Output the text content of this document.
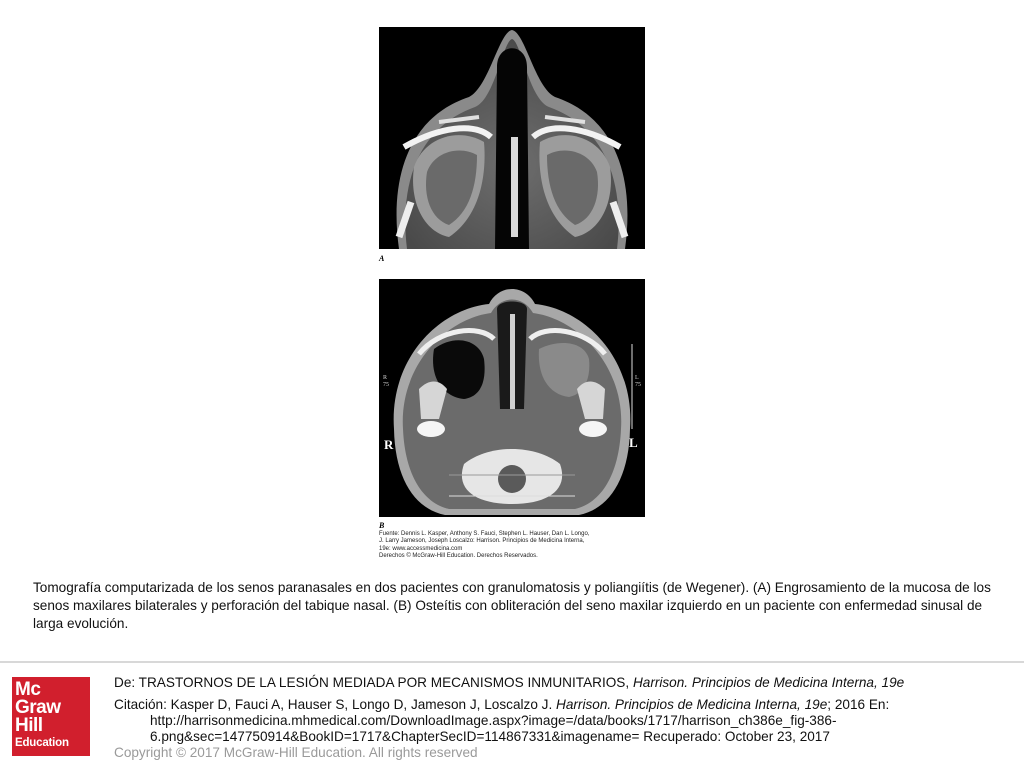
A
R	L
R 75
L 75
B
Fuente: Dennis L. Kasper, Anthony S. Fauci, Stephen L. Hauser, Dan L. Longo,
J. Larry Jameson, Joseph Loscalzo: Harrison. Principios de Medicina Interna,
19e: www.accessmedicina.com
Derechos © McGraw-Hill Education. Derechos Reservados.
Tomografía computarizada de los senos paranasales en dos pacientes con granulomatosis y poliangiítis (de Wegener). (A) Engrosamiento de la mucosa de los senos maxilares bilaterales y perforación del tabique nasal. (B) Osteítis con obliteración del seno maxilar izquierdo en un paciente con enfermedad sinusal de larga evolución.
Mc
Graw
Hill
Education
De: TRASTORNOS DE LA LESIÓN MEDIADA POR MECANISMOS INMUNITARIOS, Harrison. Principios de Medicina Interna, 19e
Citación: Kasper D, Fauci A, Hauser S, Longo D, Jameson J, Loscalzo J. Harrison. Principios de Medicina Interna, 19e; 2016 En:
http://harrisonmedicina.mhmedical.com/DownloadImage.aspx?image=/data/books/1717/harrison_ch386e_fig-386-
6.png&sec=147750914&BookID=1717&ChapterSecID=114867331&imagename= Recuperado: October 23, 2017
Copyright © 2017 McGraw-Hill Education. All rights reserved
